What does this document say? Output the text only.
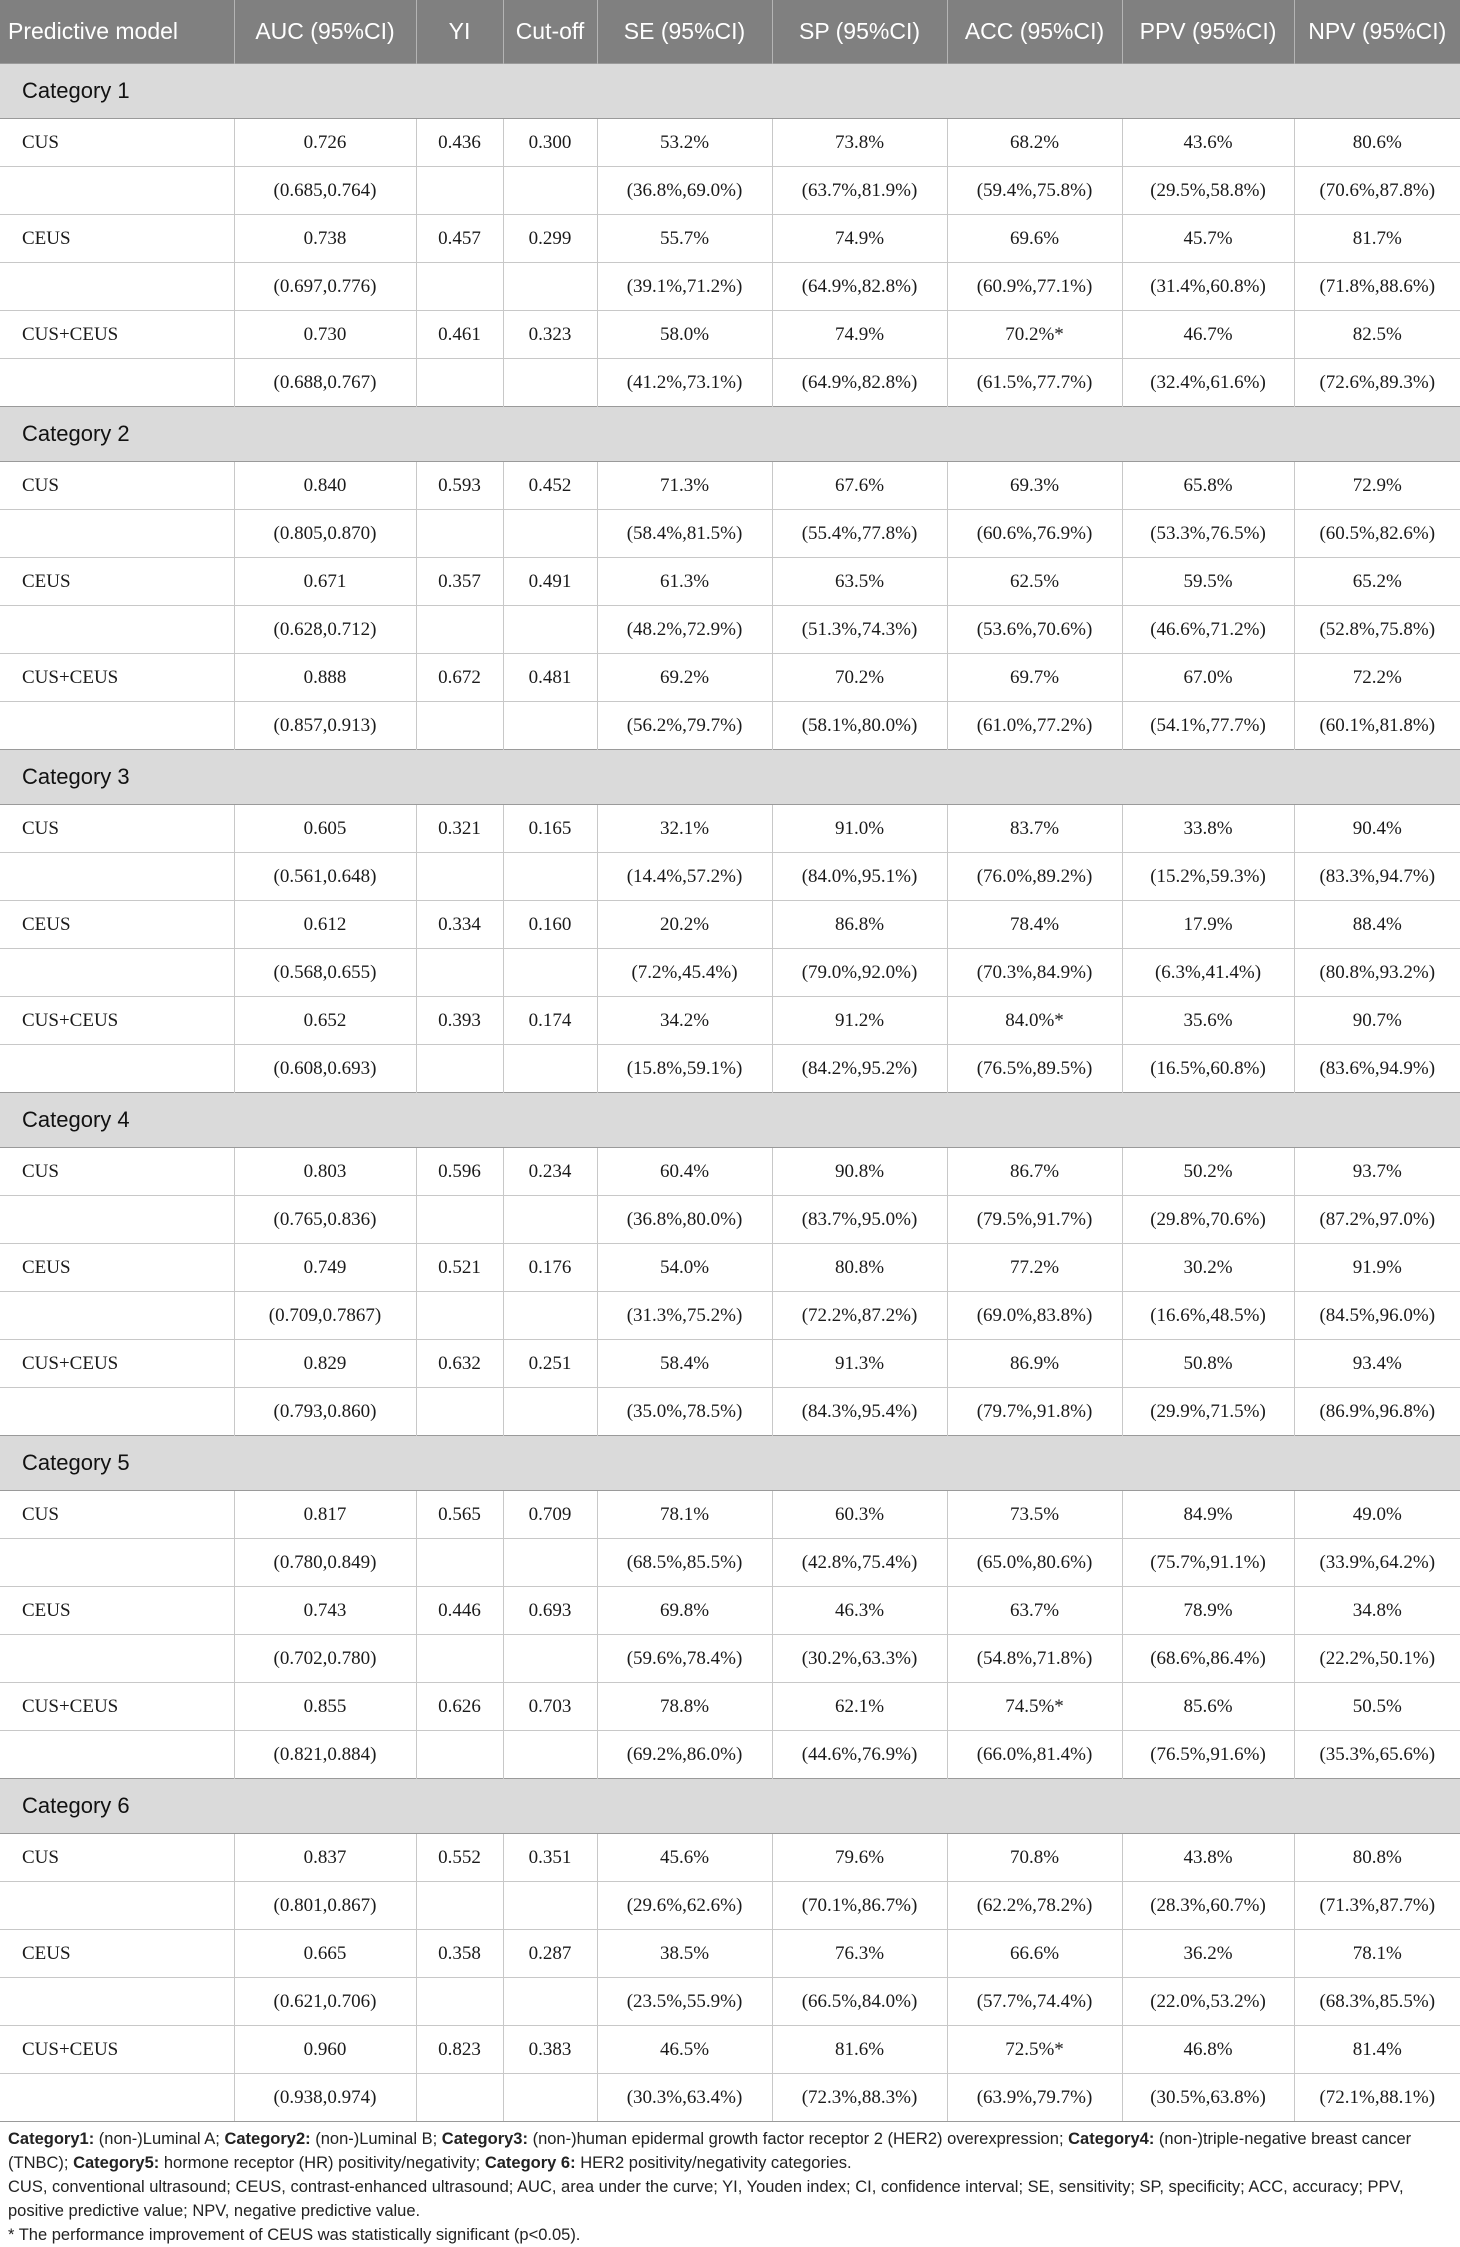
Predictive model	AUC (95%CI)	YI	Cut-off	SE (95%CI)	SP (95%CI)	ACC (95%CI)	PPV (95%CI)	NPV (95%CI)
Category 1								
CUS	0.726	0.436	0.300	53.2%	73.8%	68.2%	43.6%	80.6%
	(0.685,0.764)			(36.8%,69.0%)	(63.7%,81.9%)	(59.4%,75.8%)	(29.5%,58.8%)	(70.6%,87.8%)
CEUS	0.738	0.457	0.299	55.7%	74.9%	69.6%	45.7%	81.7%
	(0.697,0.776)			(39.1%,71.2%)	(64.9%,82.8%)	(60.9%,77.1%)	(31.4%,60.8%)	(71.8%,88.6%)
CUS+CEUS	0.730	0.461	0.323	58.0%	74.9%	70.2%*	46.7%	82.5%
	(0.688,0.767)			(41.2%,73.1%)	(64.9%,82.8%)	(61.5%,77.7%)	(32.4%,61.6%)	(72.6%,89.3%)
Category 2								
CUS	0.840	0.593	0.452	71.3%	67.6%	69.3%	65.8%	72.9%
	(0.805,0.870)			(58.4%,81.5%)	(55.4%,77.8%)	(60.6%,76.9%)	(53.3%,76.5%)	(60.5%,82.6%)
CEUS	0.671	0.357	0.491	61.3%	63.5%	62.5%	59.5%	65.2%
	(0.628,0.712)			(48.2%,72.9%)	(51.3%,74.3%)	(53.6%,70.6%)	(46.6%,71.2%)	(52.8%,75.8%)
CUS+CEUS	0.888	0.672	0.481	69.2%	70.2%	69.7%	67.0%	72.2%
	(0.857,0.913)			(56.2%,79.7%)	(58.1%,80.0%)	(61.0%,77.2%)	(54.1%,77.7%)	(60.1%,81.8%)
Category 3								
CUS	0.605	0.321	0.165	32.1%	91.0%	83.7%	33.8%	90.4%
	(0.561,0.648)			(14.4%,57.2%)	(84.0%,95.1%)	(76.0%,89.2%)	(15.2%,59.3%)	(83.3%,94.7%)
CEUS	0.612	0.334	0.160	20.2%	86.8%	78.4%	17.9%	88.4%
	(0.568,0.655)			(7.2%,45.4%)	(79.0%,92.0%)	(70.3%,84.9%)	(6.3%,41.4%)	(80.8%,93.2%)
CUS+CEUS	0.652	0.393	0.174	34.2%	91.2%	84.0%*	35.6%	90.7%
	(0.608,0.693)			(15.8%,59.1%)	(84.2%,95.2%)	(76.5%,89.5%)	(16.5%,60.8%)	(83.6%,94.9%)
Category 4								
CUS	0.803	0.596	0.234	60.4%	90.8%	86.7%	50.2%	93.7%
	(0.765,0.836)			(36.8%,80.0%)	(83.7%,95.0%)	(79.5%,91.7%)	(29.8%,70.6%)	(87.2%,97.0%)
CEUS	0.749	0.521	0.176	54.0%	80.8%	77.2%	30.2%	91.9%
	(0.709,0.7867)			(31.3%,75.2%)	(72.2%,87.2%)	(69.0%,83.8%)	(16.6%,48.5%)	(84.5%,96.0%)
CUS+CEUS	0.829	0.632	0.251	58.4%	91.3%	86.9%	50.8%	93.4%
	(0.793,0.860)			(35.0%,78.5%)	(84.3%,95.4%)	(79.7%,91.8%)	(29.9%,71.5%)	(86.9%,96.8%)
Category 5								
CUS	0.817	0.565	0.709	78.1%	60.3%	73.5%	84.9%	49.0%
	(0.780,0.849)			(68.5%,85.5%)	(42.8%,75.4%)	(65.0%,80.6%)	(75.7%,91.1%)	(33.9%,64.2%)
CEUS	0.743	0.446	0.693	69.8%	46.3%	63.7%	78.9%	34.8%
	(0.702,0.780)			(59.6%,78.4%)	(30.2%,63.3%)	(54.8%,71.8%)	(68.6%,86.4%)	(22.2%,50.1%)
CUS+CEUS	0.855	0.626	0.703	78.8%	62.1%	74.5%*	85.6%	50.5%
	(0.821,0.884)			(69.2%,86.0%)	(44.6%,76.9%)	(66.0%,81.4%)	(76.5%,91.6%)	(35.3%,65.6%)
Category 6								
CUS	0.837	0.552	0.351	45.6%	79.6%	70.8%	43.8%	80.8%
	(0.801,0.867)			(29.6%,62.6%)	(70.1%,86.7%)	(62.2%,78.2%)	(28.3%,60.7%)	(71.3%,87.7%)
CEUS	0.665	0.358	0.287	38.5%	76.3%	66.6%	36.2%	78.1%
	(0.621,0.706)			(23.5%,55.9%)	(66.5%,84.0%)	(57.7%,74.4%)	(22.0%,53.2%)	(68.3%,85.5%)
CUS+CEUS	0.960	0.823	0.383	46.5%	81.6%	72.5%*	46.8%	81.4%
	(0.938,0.974)			(30.3%,63.4%)	(72.3%,88.3%)	(63.9%,79.7%)	(30.5%,63.8%)	(72.1%,88.1%)

Category1: (non-)Luminal A; Category2: (non-)Luminal B; Category3: (non-)human epidermal growth factor receptor 2 (HER2) overexpression; Category4: (non-)triple-negative breast cancer (TNBC); Category5: hormone receptor (HR) positivity/negativity; Category 6: HER2 positivity/negativity categories.

CUS, conventional ultrasound; CEUS, contrast-enhanced ultrasound; AUC, area under the curve; YI, Youden index; CI, confidence interval; SE, sensitivity; SP, specificity; ACC, accuracy; PPV, positive predictive value; NPV, negative predictive value.

* The performance improvement of CEUS was statistically significant (p<0.05).
